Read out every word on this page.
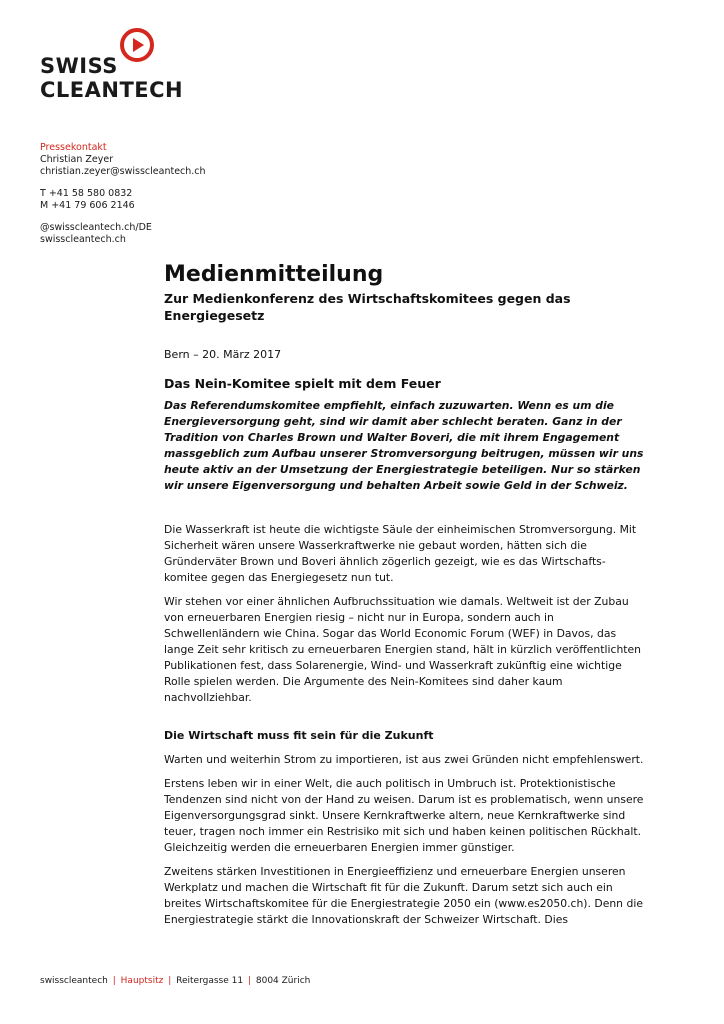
SWISS
CLEANTECH
Pressekontakt
Christian Zeyer
christian.zeyer@swisscleantech.ch
T +41 58 580 0832
M +41 79 606 2146
@swisscleantech.ch/DE
swisscleantech.ch
Medienmitteilung
Zur Medienkonferenz des Wirtschaftskomitees gegen das Energiegesetz
Bern – 20. März 2017
Das Nein-Komitee spielt mit dem Feuer
Das Referendumskomitee empfiehlt, einfach zuzuwarten. Wenn es um die Energieversorgung geht, sind wir damit aber schlecht beraten. Ganz in der Tradition von Charles Brown und Walter Boveri, die mit ihrem Engagement massgeblich zum Aufbau unserer Stromversorgung beitrugen, müssen wir uns heute aktiv an der Umsetzung der Energiestrategie beteiligen. Nur so stärken wir unsere Eigenversorgung und behalten Arbeit sowie Geld in der Schweiz.

Die Wasserkraft ist heute die wichtigste Säule der einheimischen Stromversorgung. Mit Sicherheit wären unsere Wasserkraftwerke nie gebaut worden, hätten sich die Gründerväter Brown und Boveri ähnlich zögerlich gezeigt, wie es das Wirtschaftskomitee gegen das Energiegesetz nun tut.

Wir stehen vor einer ähnlichen Aufbruchssituation wie damals. Weltweit ist der Zubau von erneuerbaren Energien riesig – nicht nur in Europa, sondern auch in Schwellenländern wie China. Sogar das World Economic Forum (WEF) in Davos, das lange Zeit sehr kritisch zu erneuerbaren Energien stand, hält in kürzlich veröffentlichten Publikationen fest, dass Solarenergie, Wind- und Wasserkraft zukünftig eine wichtige Rolle spielen werden. Die Argumente des Nein-Komitees sind daher kaum nachvollziehbar.

Die Wirtschaft muss fit sein für die Zukunft

Warten und weiterhin Strom zu importieren, ist aus zwei Gründen nicht empfehlenswert.

Erstens leben wir in einer Welt, die auch politisch in Umbruch ist. Protektionistische Tendenzen sind nicht von der Hand zu weisen. Darum ist es problematisch, wenn unsere Eigenversorgungsgrad sinkt. Unsere Kernkraftwerke altern, neue Kernkraftwerke sind teuer, tragen noch immer ein Restrisiko mit sich und haben keinen politischen Rückhalt. Gleichzeitig werden die erneuerbaren Energien immer günstiger.

Zweitens stärken Investitionen in Energieeffizienz und erneuerbare Energien unseren Werkplatz und machen die Wirtschaft fit für die Zukunft. Darum setzt sich auch ein breites Wirtschaftskomitee für die Energiestrategie 2050 ein (www.es2050.ch). Denn die Energiestrategie stärkt die Innovationskraft der Schweizer Wirtschaft. Dies

swisscleantech | Hauptsitz | Reitergasse 11 | 8004 Zürich
